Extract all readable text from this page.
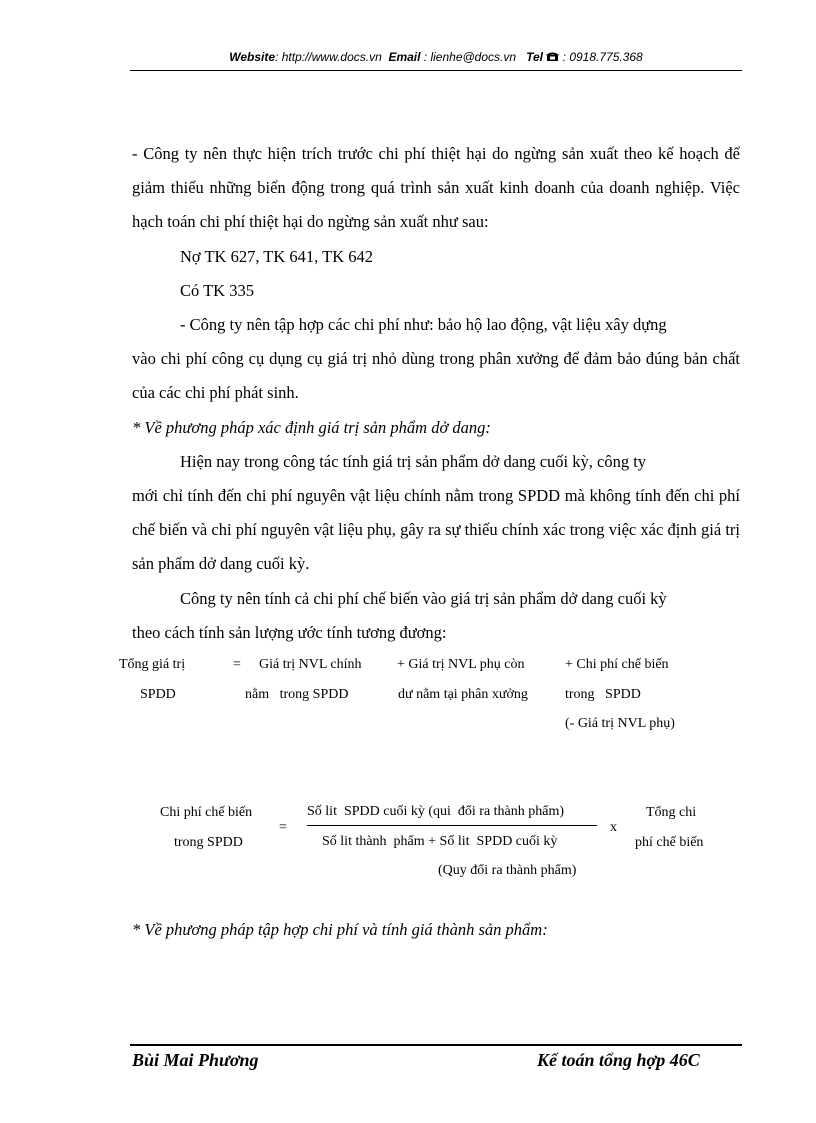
Website: http://www.docs.vn Email : lienhe@docs.vn Tel : 0918.775.368
- Công ty nên thực hiện trích trước chi phí thiệt hại do ngừng sản xuất theo kế hoạch để giảm thiểu những biến động trong quá trình sản xuất kinh doanh của doanh nghiệp. Việc hạch toán chi phí thiệt hại do ngừng sản xuất như sau:
Nợ TK 627, TK 641, TK 642
Có TK 335
- Công ty nên tập hợp các chi phí như: bảo hộ lao động, vật liệu xây dựng
vào chi phí công cụ dụng cụ giá trị nhỏ dùng trong phân xưởng để đảm bảo đúng bản chất của các chi phí phát sinh.
* Về phương pháp xác định giá trị sản phẩm dở dang:
Hiện nay trong công tác tính giá trị sản phẩm dở dang cuối kỳ, công ty
mới chỉ tính đến chi phí nguyên vật liệu chính nằm trong SPDD mà không tính đến chi phí chế biến và chi phí nguyên vật liệu phụ, gây ra sự thiếu chính xác trong việc xác định giá trị sản phẩm dở dang cuối kỳ.
Công ty nên tính cả chi phí chế biến vào giá trị sản phẩm dở dang cuối kỳ
theo cách tính sản lượng ước tính tương đương:
Tổng giá trị
SPDD
= Giá trị NVL chính
nằm   trong SPDD
+ Giá trị NVL phụ còn
dư nằm tại phân xưởng
+ Chi phí chế biến
trong   SPDD
(- Giá trị NVL phụ)
Chi phí chế biến
trong SPDD
=
Số lit  SPDD cuối kỳ (qui  đổi ra thành phẩm)
Số lit thành  phẩm + Số lit  SPDD cuối kỳ
(Quy đổi ra thành phẩm)
x
Tổng chi
phí chế biến
* Về phương pháp tập hợp chi phí và tính giá thành sản phẩm:
Bùi Mai Phương	Kế toán tổng hợp 46C
